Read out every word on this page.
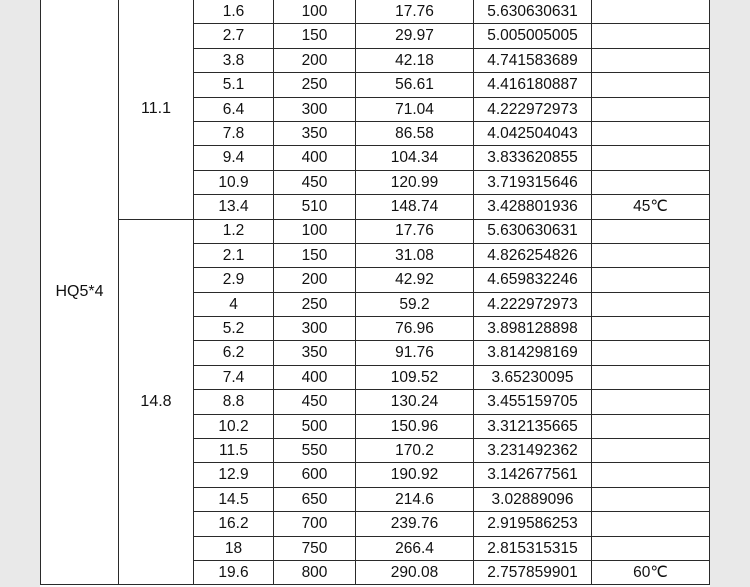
HQ5*4	11.1	1.6	100	17.76	5.630630631	
		2.7	150	29.97	5.005005005	
		3.8	200	42.18	4.741583689	
		5.1	250	56.61	4.416180887	
		6.4	300	71.04	4.222972973	
		7.8	350	86.58	4.042504043	
		9.4	400	104.34	3.833620855	
		10.9	450	120.99	3.719315646	
		13.4	510	148.74	3.428801936	45℃
	14.8	1.2	100	17.76	5.630630631	
		2.1	150	31.08	4.826254826	
		2.9	200	42.92	4.659832246	
		4	250	59.2	4.222972973	
		5.2	300	76.96	3.898128898	
		6.2	350	91.76	3.814298169	
		7.4	400	109.52	3.65230095	
		8.8	450	130.24	3.455159705	
		10.2	500	150.96	3.312135665	
		11.5	550	170.2	3.231492362	
		12.9	600	190.92	3.142677561	
		14.5	650	214.6	3.02889096	
		16.2	700	239.76	2.919586253	
		18	750	266.4	2.815315315	
		19.6	800	290.08	2.757859901	60℃
